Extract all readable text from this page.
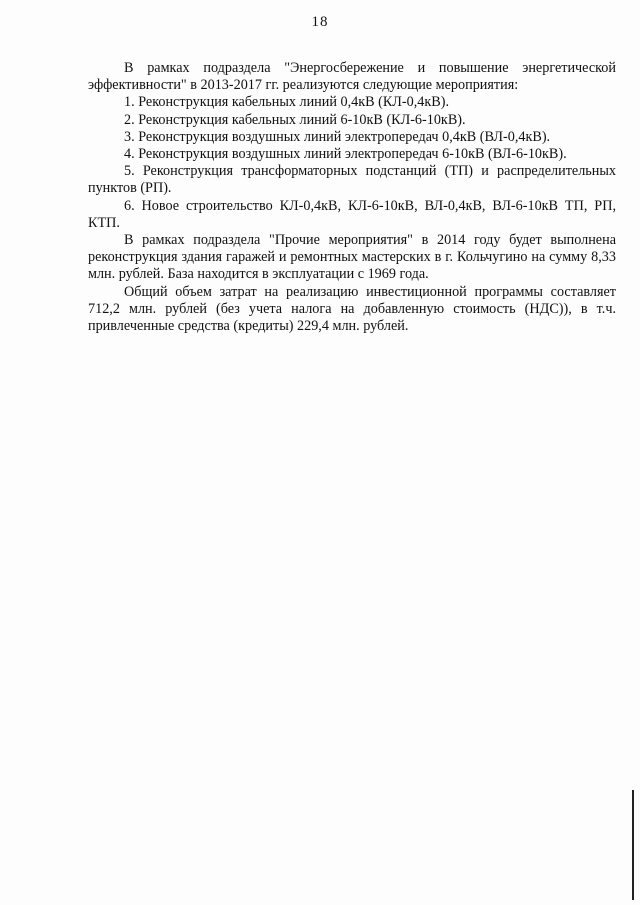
18

В рамках подраздела "Энергосбережение и повышение энергетической эффективности" в 2013-2017 гг. реализуются следующие мероприятия:

1. Реконструкция кабельных линий 0,4кВ (КЛ-0,4кВ).
2. Реконструкция кабельных линий 6-10кВ (КЛ-6-10кВ).
3. Реконструкция воздушных линий электропередач 0,4кВ (ВЛ-0,4кВ).
4. Реконструкция воздушных линий электропередач 6-10кВ (ВЛ-6-10кВ).
5. Реконструкция трансформаторных подстанций (ТП) и распределительных пунктов (РП).
6. Новое строительство КЛ-0,4кВ, КЛ-6-10кВ, ВЛ-0,4кВ, ВЛ-6-10кВ ТП, РП, КТП.

В рамках подраздела "Прочие мероприятия" в 2014 году будет выполнена реконструкция здания гаражей и ремонтных мастерских в г. Кольчугино на сумму 8,33 млн. рублей. База находится в эксплуатации с 1969 года.

Общий объем затрат на реализацию инвестиционной программы составляет 712,2 млн. рублей (без учета налога на добавленную стоимость (НДС)), в т.ч. привлеченные средства (кредиты) 229,4 млн. рублей.
